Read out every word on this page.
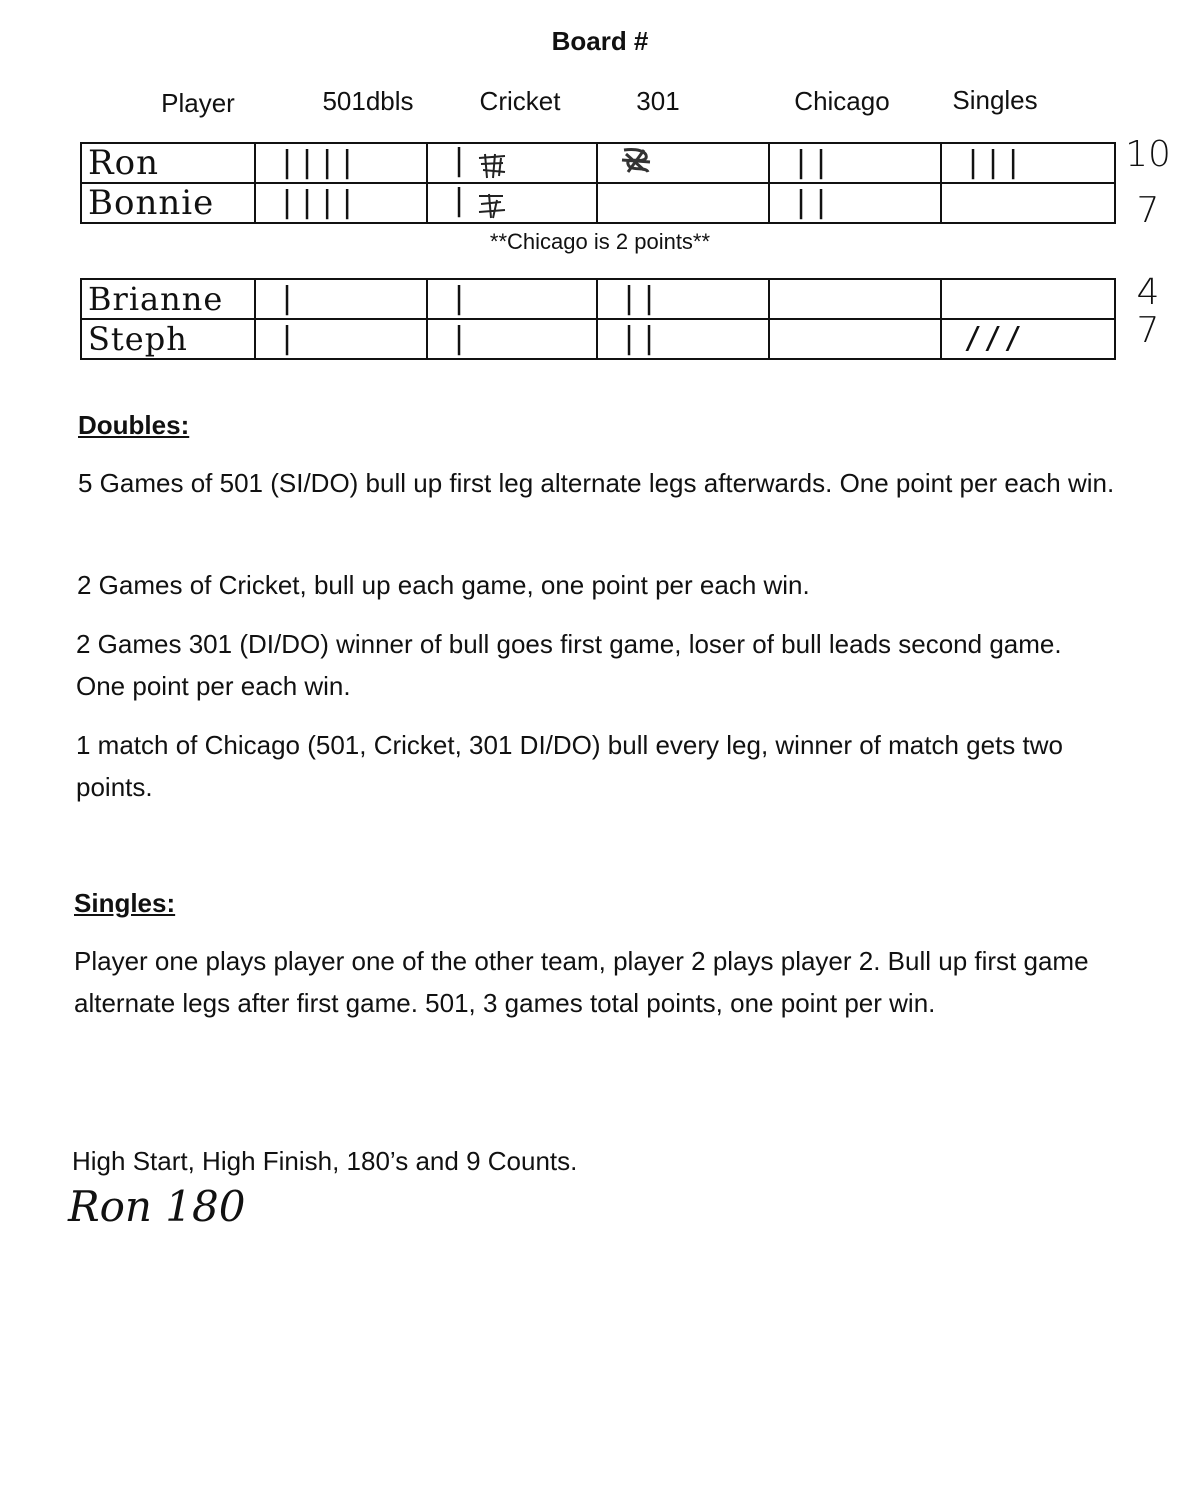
Board #
Player	501dbls	Cricket	301	Chicago	Singles
Ron	||||	|		||	|||

Bonnie	||||	|		||	

10
7
**Chicago is 2 points**
Brianne	|	|	||		

Steph	|	|	||		///
4
7
Doubles:
5 Games of 501 (SI/DO) bull up first leg alternate legs afterwards. One point per each win.
2 Games of Cricket, bull up each game, one point per each win.
2 Games 301 (DI/DO) winner of bull goes first game, loser of bull leads second game. One point per each win.
1 match of Chicago (501, Cricket, 301 DI/DO) bull every leg, winner of match gets two points.
Singles:
Player one plays player one of the other team, player 2 plays player 2. Bull up first game alternate legs after first game. 501, 3 games total points, one point per win.
High Start, High Finish, 180’s and 9 Counts.
Ron 180
